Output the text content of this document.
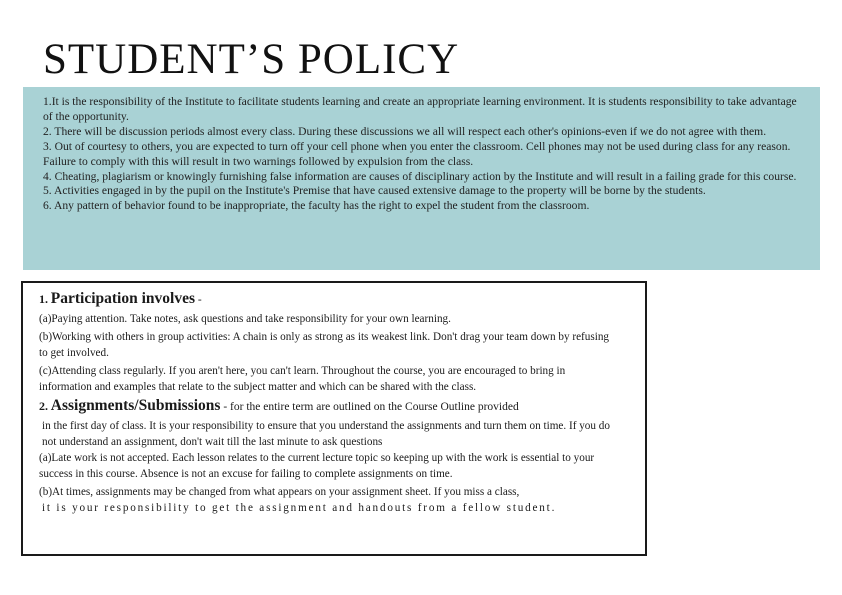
STUDENT’S POLICY

1.It is the responsibility of the Institute to facilitate students learning and create an appropriate learning environment. It is students responsibility to take advantage of the opportunity.

2. There will be discussion periods almost every class. During these discussions we all will respect each other's opinions-even if we do not agree with them.

3. Out of courtesy to others, you are expected to turn off your cell phone when you enter the classroom. Cell phones may not be used during class for any reason. Failure to comply with this will result in two warnings followed by expulsion from the class.

4. Cheating, plagiarism or knowingly furnishing false information are causes of disciplinary action by the Institute and will result in a failing grade for this course.

5. Activities engaged in by the pupil on the Institute's Premise that have caused extensive damage to the property will be borne by the students.

6. Any pattern of behavior found to be inappropriate, the faculty has the right to expel the student from the classroom.

1. Participation involves -

(a)Paying attention. Take notes, ask questions and take responsibility for your own learning.

(b)Working with others in group activities: A chain is only as strong as its weakest link. Don't drag your team down by refusing to get involved.

(c)Attending class regularly. If you aren't here, you can't learn. Throughout the course, you are encouraged to bring in information and examples that relate to the subject matter and which can be shared with the class.

2. Assignments/Submissions - for the entire term are outlined on the Course Outline provided

in the first day of class. It is your responsibility to ensure that you understand the assignments and turn them on time. If you do not understand an assignment, don't wait till the last minute to ask questions

(a)Late work is not accepted. Each lesson relates to the current lecture topic so keeping up with the work is essential to your success in this course. Absence is not an excuse for failing to complete assignments on time.

(b)At times, assignments may be changed from what appears on your assignment sheet. If you miss a class,

it is your responsibility to get the assignment and handouts from a fellow student.
